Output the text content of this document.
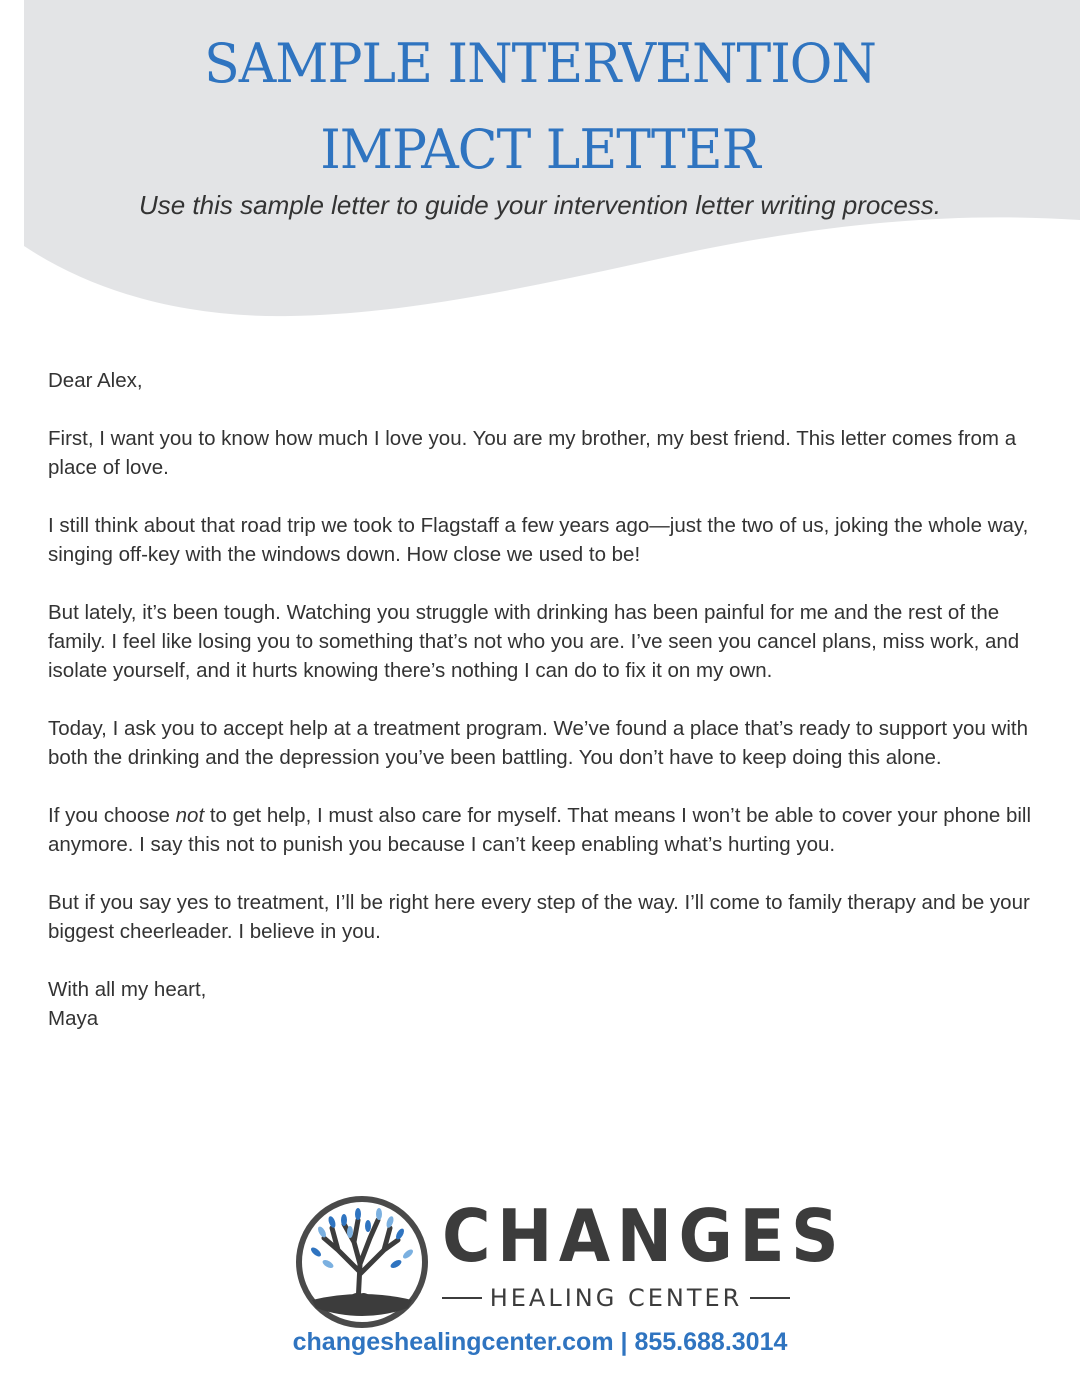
SAMPLE INTERVENTION
IMPACT LETTER

Use this sample letter to guide your intervention letter writing process.

Dear Alex,

First, I want you to know how much I love you. You are my brother, my best friend. This letter comes from a place of love.

I still think about that road trip we took to Flagstaff a few years ago—just the two of us, joking the whole way, singing off-key with the windows down. How close we used to be!

But lately, it’s been tough. Watching you struggle with drinking has been painful for me and the rest of the family. I feel like losing you to something that’s not who you are. I’ve seen you cancel plans, miss work, and isolate yourself, and it hurts knowing there’s nothing I can do to fix it on my own.

Today, I ask you to accept help at a treatment program. We’ve found a place that’s ready to support you with both the drinking and the depression you’ve been battling. You don’t have to keep doing this alone.

If you choose not to get help, I must also care for myself. That means I won’t be able to cover your phone bill anymore. I say this not to punish you because I can’t keep enabling what’s hurting you.

But if you say yes to treatment, I’ll be right here every step of the way. I’ll come to family therapy and be your biggest cheerleader. I believe in you.

With all my heart,

Maya

CHANGES
HEALING CENTER
changeshealingcenter.com | 855.688.3014
